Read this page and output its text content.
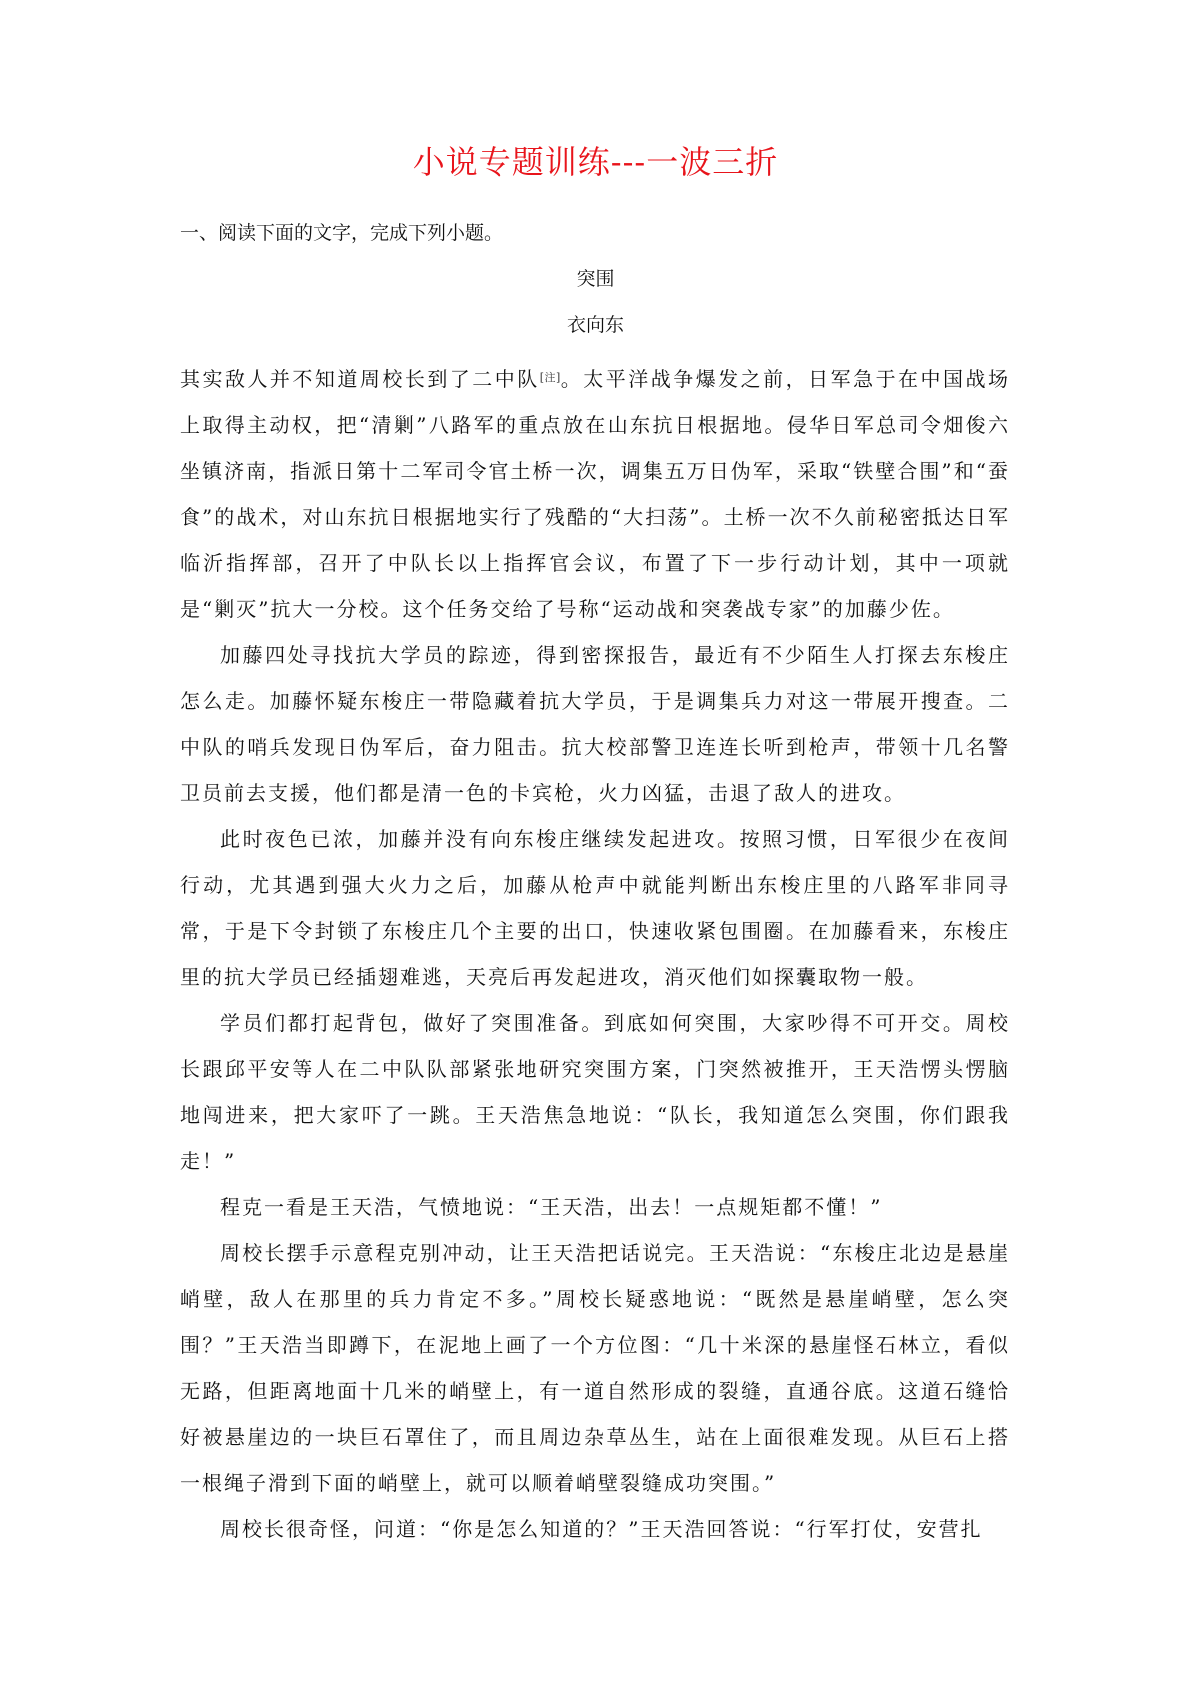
小说专题训练---一波三折
一、阅读下面的文字，完成下列小题。
突围
衣向东

其实敌人并不知道周校长到了二中队[注]。太平洋战争爆发之前，日军急于在中国战场上取得主动权，把“清剿”八路军的重点放在山东抗日根据地。侵华日军总司令畑俊六坐镇济南，指派日第十二军司令官土桥一次，调集五万日伪军，采取“铁壁合围”和“蚕食”的战术，对山东抗日根据地实行了残酷的“大扫荡”。土桥一次不久前秘密抵达日军临沂指挥部，召开了中队长以上指挥官会议，布置了下一步行动计划，其中一项就是“剿灭”抗大一分校。这个任务交给了号称“运动战和突袭战专家”的加藤少佐。

加藤四处寻找抗大学员的踪迹，得到密探报告，最近有不少陌生人打探去东梭庄怎么走。加藤怀疑东梭庄一带隐藏着抗大学员，于是调集兵力对这一带展开搜查。二中队的哨兵发现日伪军后，奋力阻击。抗大校部警卫连连长听到枪声，带领十几名警卫员前去支援，他们都是清一色的卡宾枪，火力凶猛，击退了敌人的进攻。

此时夜色已浓，加藤并没有向东梭庄继续发起进攻。按照习惯，日军很少在夜间行动，尤其遇到强大火力之后，加藤从枪声中就能判断出东梭庄里的八路军非同寻常，于是下令封锁了东梭庄几个主要的出口，快速收紧包围圈。在加藤看来，东梭庄里的抗大学员已经插翅难逃，天亮后再发起进攻，消灭他们如探囊取物一般。

学员们都打起背包，做好了突围准备。到底如何突围，大家吵得不可开交。周校长跟邱平安等人在二中队队部紧张地研究突围方案，门突然被推开，王天浩愣头愣脑地闯进来，把大家吓了一跳。王天浩焦急地说：“队长，我知道怎么突围，你们跟我走！”

程克一看是王天浩，气愤地说：“王天浩，出去！一点规矩都不懂！”

周校长摆手示意程克别冲动，让王天浩把话说完。王天浩说：“东梭庄北边是悬崖峭壁，敌人在那里的兵力肯定不多。”周校长疑惑地说：“既然是悬崖峭壁，怎么突围？”王天浩当即蹲下，在泥地上画了一个方位图：“几十米深的悬崖怪石林立，看似无路，但距离地面十几米的峭壁上，有一道自然形成的裂缝，直通谷底。这道石缝恰好被悬崖边的一块巨石罩住了，而且周边杂草丛生，站在上面很难发现。从巨石上搭一根绳子滑到下面的峭壁上，就可以顺着峭壁裂缝成功突围。”

周校长很奇怪，问道：“你是怎么知道的？”王天浩回答说：“行军打仗，安营扎
